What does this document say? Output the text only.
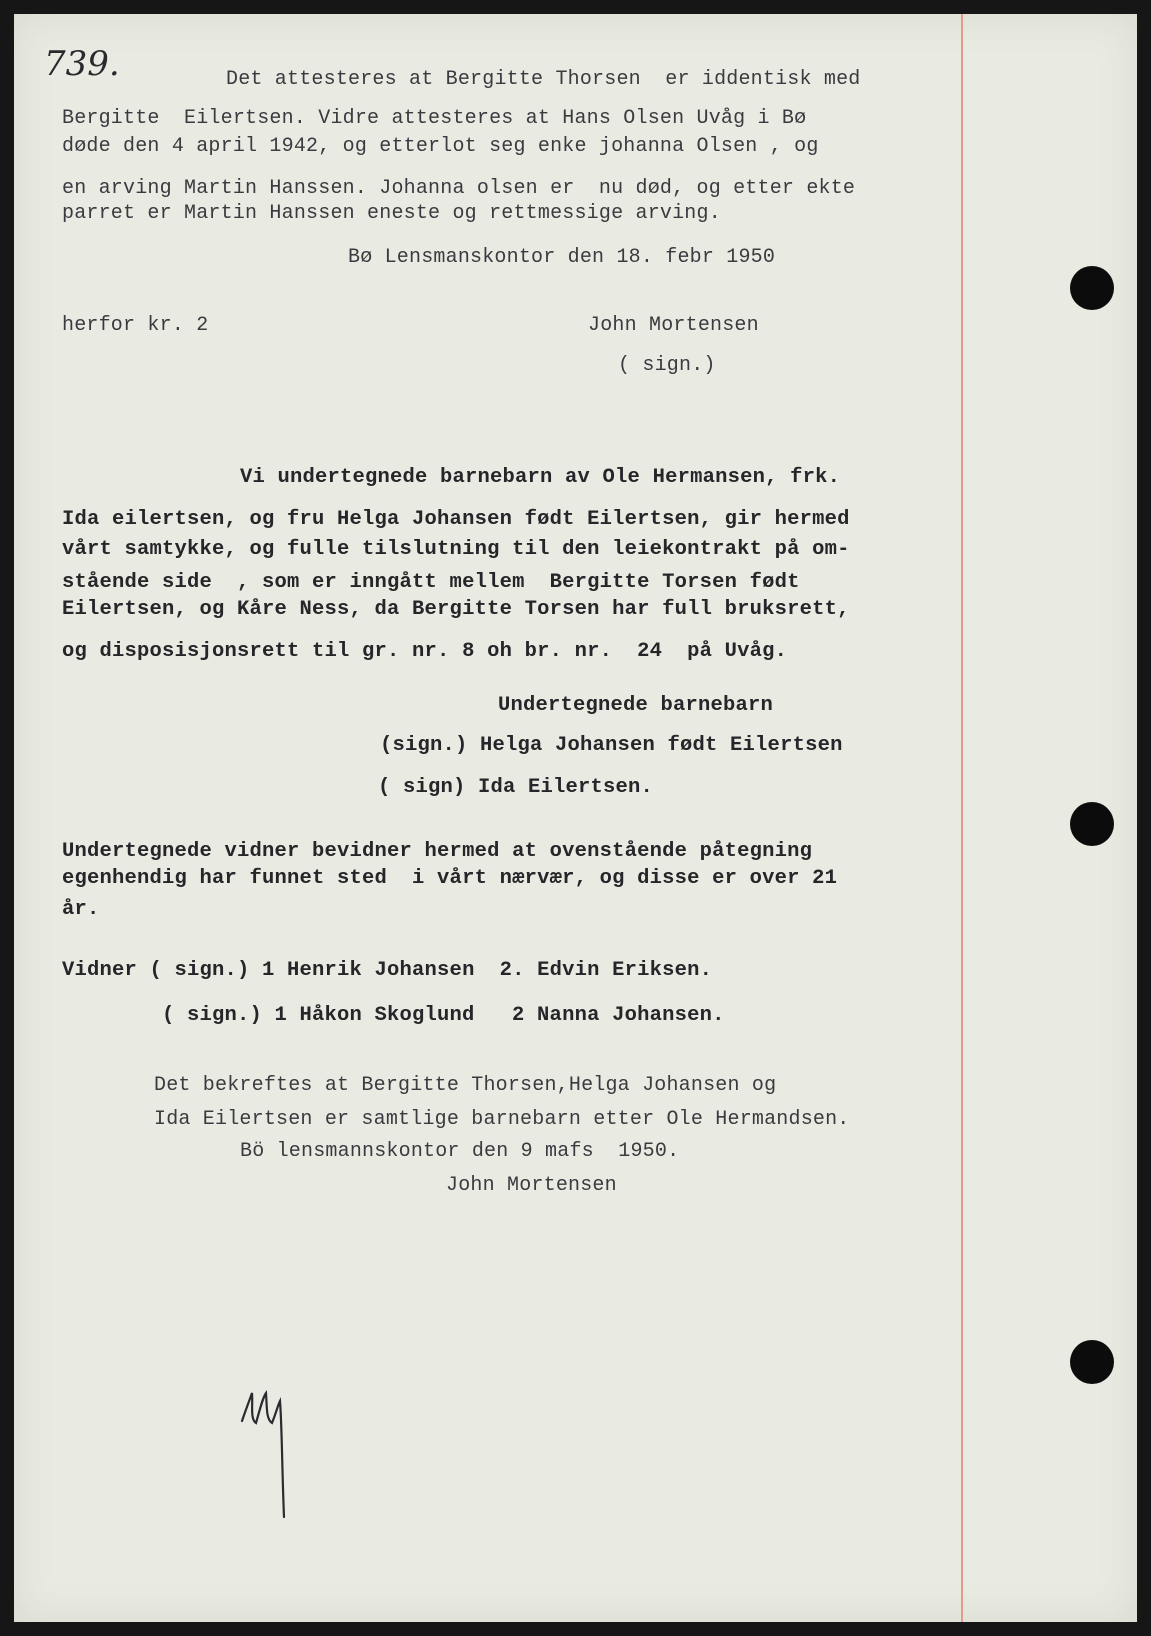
739.	Det attesteres at Bergitte Thorsen  er iddentisk med
Bergitte  Eilertsen. Vidre attesteres at Hans Olsen Uvåg i Bø
døde den 4 april 1942, og etterlot seg enke johanna Olsen , og
en arving Martin Hanssen. Johanna olsen er  nu død, og etter ekte
parret er Martin Hanssen eneste og rettmessige arving.
Bø Lensmanskontor den 18. febr 1950
herfor kr. 2	John Mortensen
( sign.)
Vi undertegnede barnebarn av Ole Hermansen, frk.
Ida eilertsen, og fru Helga Johansen født Eilertsen, gir hermed
vårt samtykke, og fulle tilslutning til den leiekontrakt på om-
stående side  , som er inngått mellem  Bergitte Torsen født
Eilertsen, og Kåre Ness, da Bergitte Torsen har full bruksrett,
og disposisjonsrett til gr. nr. 8 oh br. nr.  24  på Uvåg.
Undertegnede barnebarn
(sign.) Helga Johansen født Eilertsen
( sign) Ida Eilertsen.
Undertegnede vidner bevidner hermed at ovenstående påtegning
egenhendig har funnet sted  i vårt nærvær, og disse er over 21
år.
Vidner ( sign.) 1 Henrik Johansen  2. Edvin Eriksen.
( sign.) 1 Håkon Skoglund   2 Nanna Johansen.
Det bekreftes at Bergitte Thorsen,Helga Johansen og
Ida Eilertsen er samtlige barnebarn etter Ole Hermandsen.
Bö lensmannskontor den 9 mafs  1950.
John Mortensen
